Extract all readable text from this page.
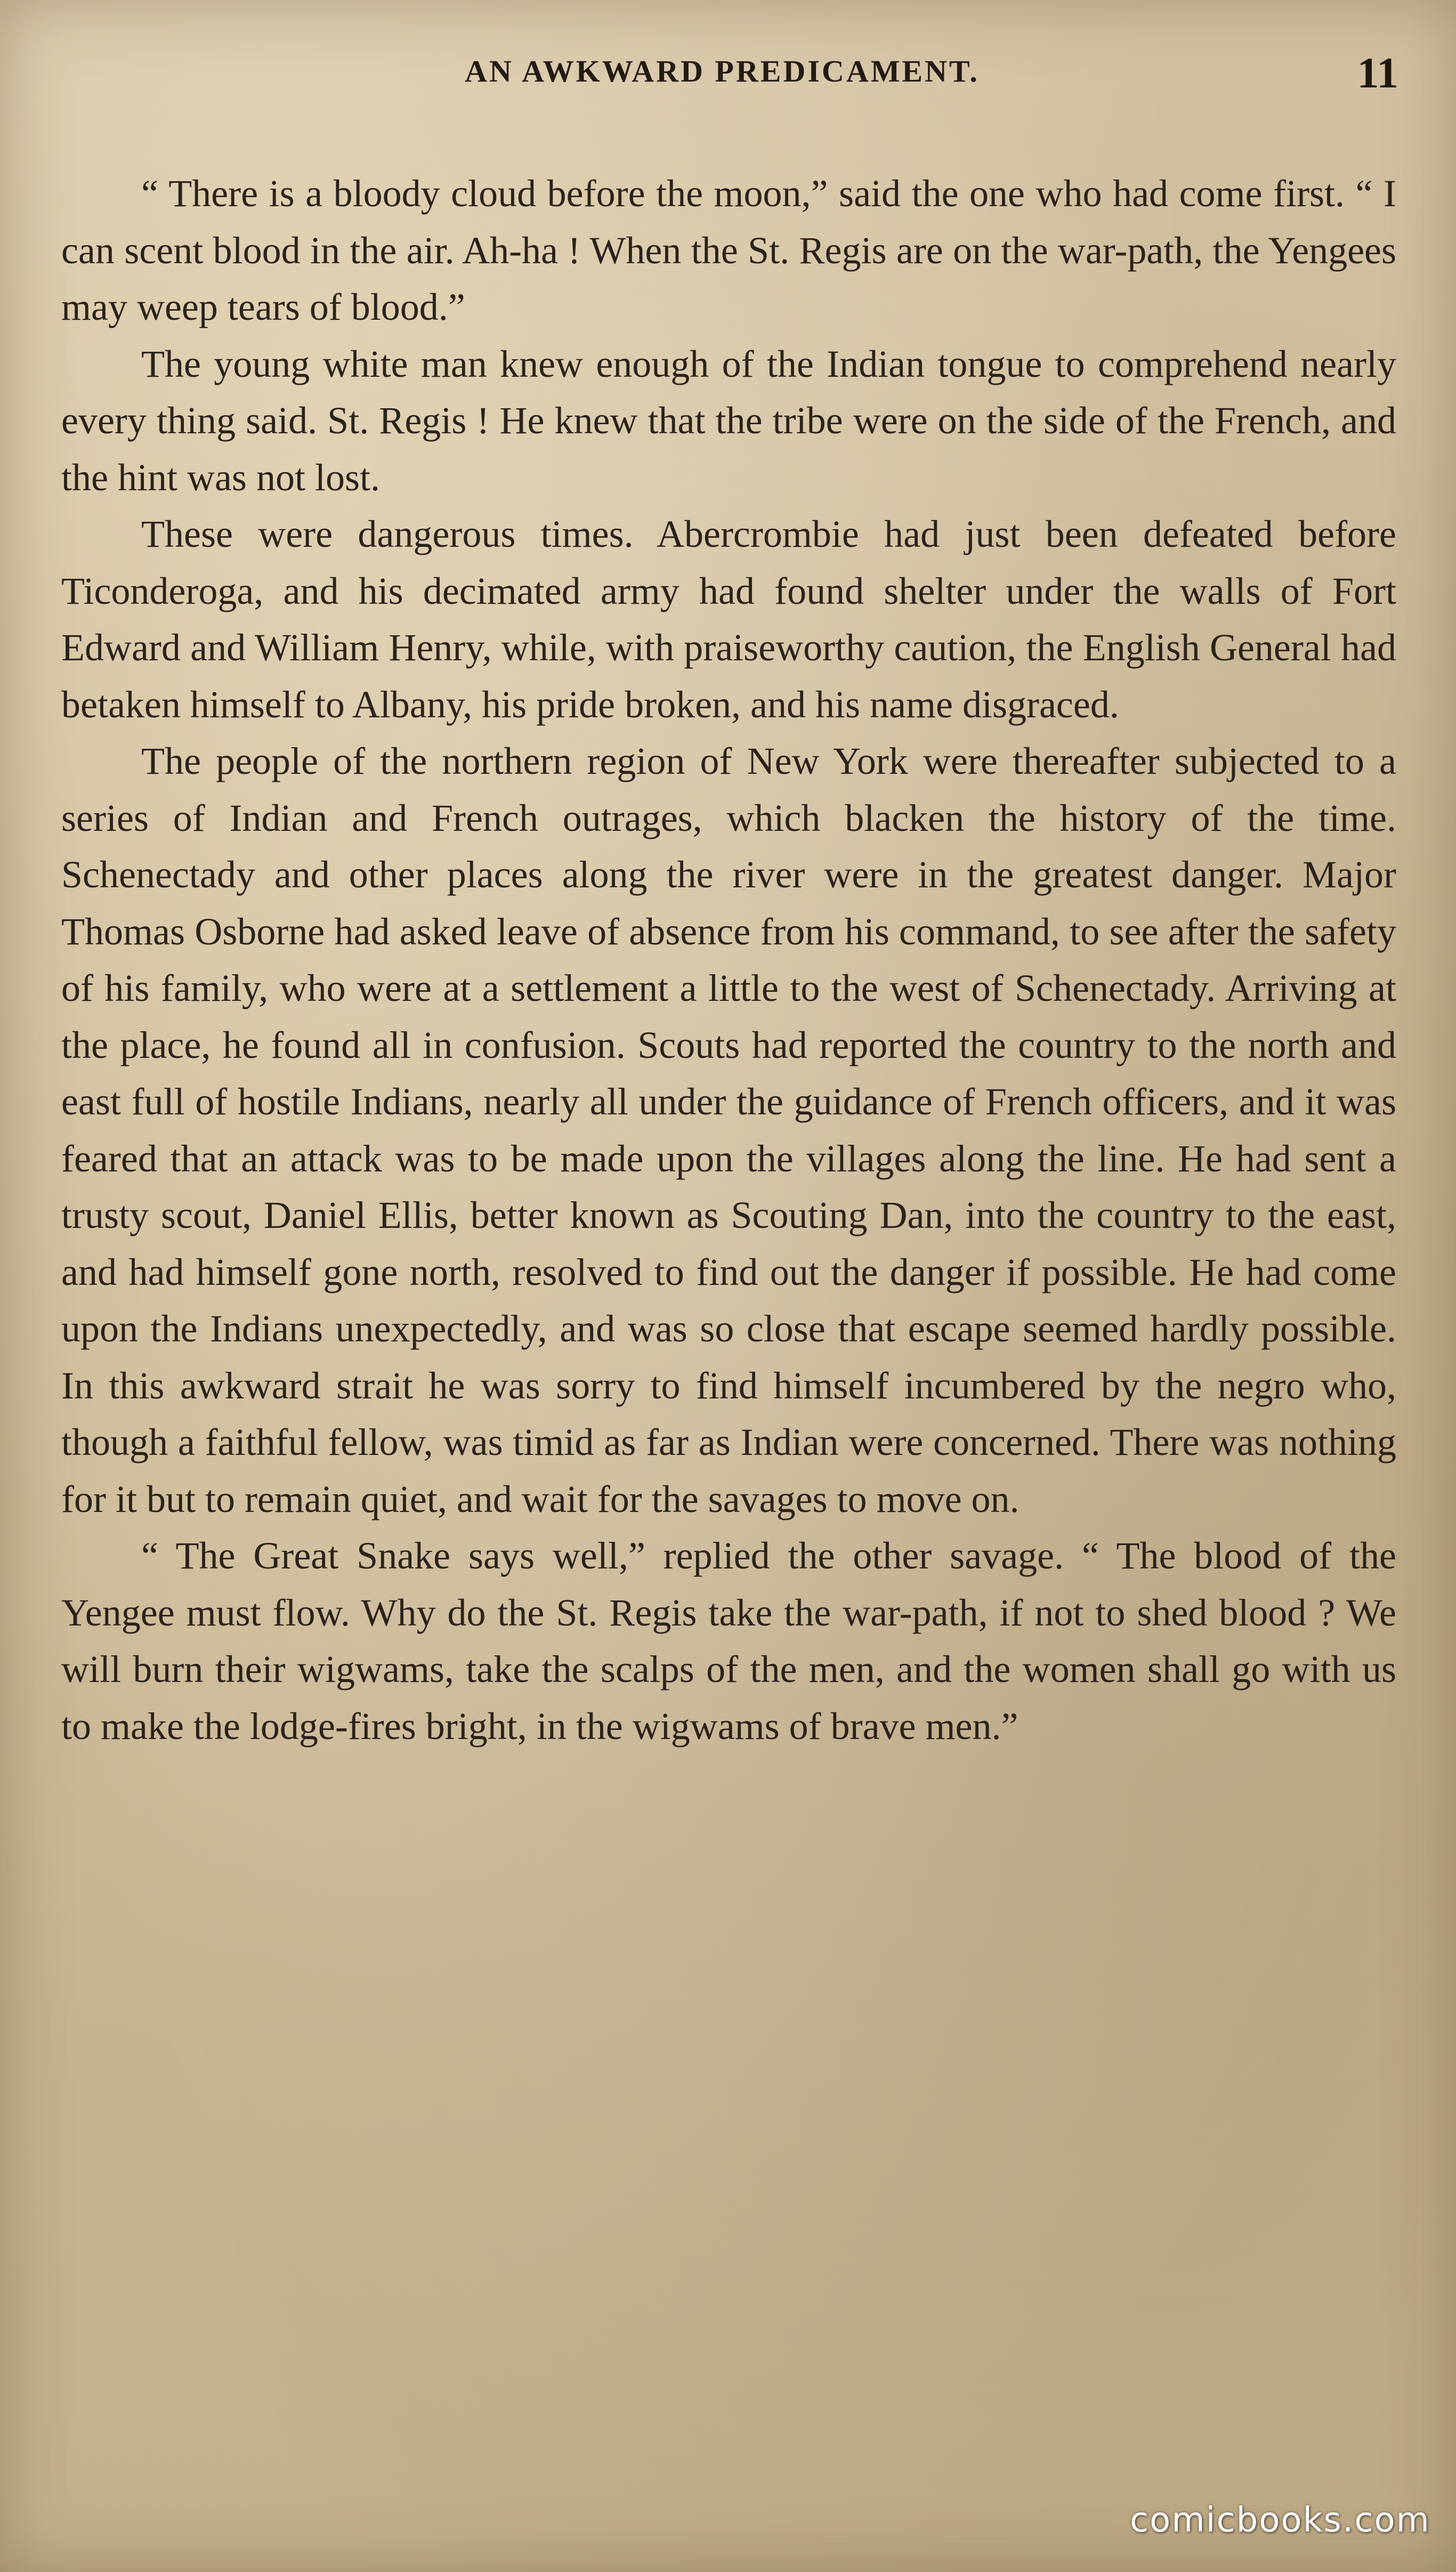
AN AWKWARD PREDICAMENT.	11

“ There is a bloody cloud before the moon,” said the one who had come first. “ I can scent blood in the air. Ah-ha ! When the St. Regis are on the war-path, the Yengees may weep tears of blood.”

The young white man knew enough of the Indian tongue to comprehend nearly every thing said. St. Regis ! He knew that the tribe were on the side of the French, and the hint was not lost.

These were dangerous times. Abercrombie had just been defeated before Ticonderoga, and his decimated army had found shelter under the walls of Fort Edward and William Henry, while, with praiseworthy caution, the English General had betaken himself to Albany, his pride broken, and his name disgraced.

The people of the northern region of New York were thereafter subjected to a series of Indian and French outrages, which blacken the history of the time. Schenectady and other places along the river were in the greatest danger. Major Thomas Osborne had asked leave of absence from his command, to see after the safety of his family, who were at a settlement a little to the west of Schenectady. Arriving at the place, he found all in confusion. Scouts had reported the country to the north and east full of hostile Indians, nearly all under the guidance of French officers, and it was feared that an attack was to be made upon the villages along the line. He had sent a trusty scout, Daniel Ellis, better known as Scouting Dan, into the country to the east, and had himself gone north, resolved to find out the danger if possible. He had come upon the Indians unexpectedly, and was so close that escape seemed hardly possible. In this awkward strait he was sorry to find himself incumbered by the negro who, though a faithful fellow, was timid as far as Indian were concerned. There was nothing for it but to remain quiet, and wait for the savages to move on.

“ The Great Snake says well,” replied the other savage. “ The blood of the Yengee must flow. Why do the St. Regis take the war-path, if not to shed blood ? We will burn their wigwams, take the scalps of the men, and the women shall go with us to make the lodge-fires bright, in the wigwams of brave men.”

comicbooks.com
